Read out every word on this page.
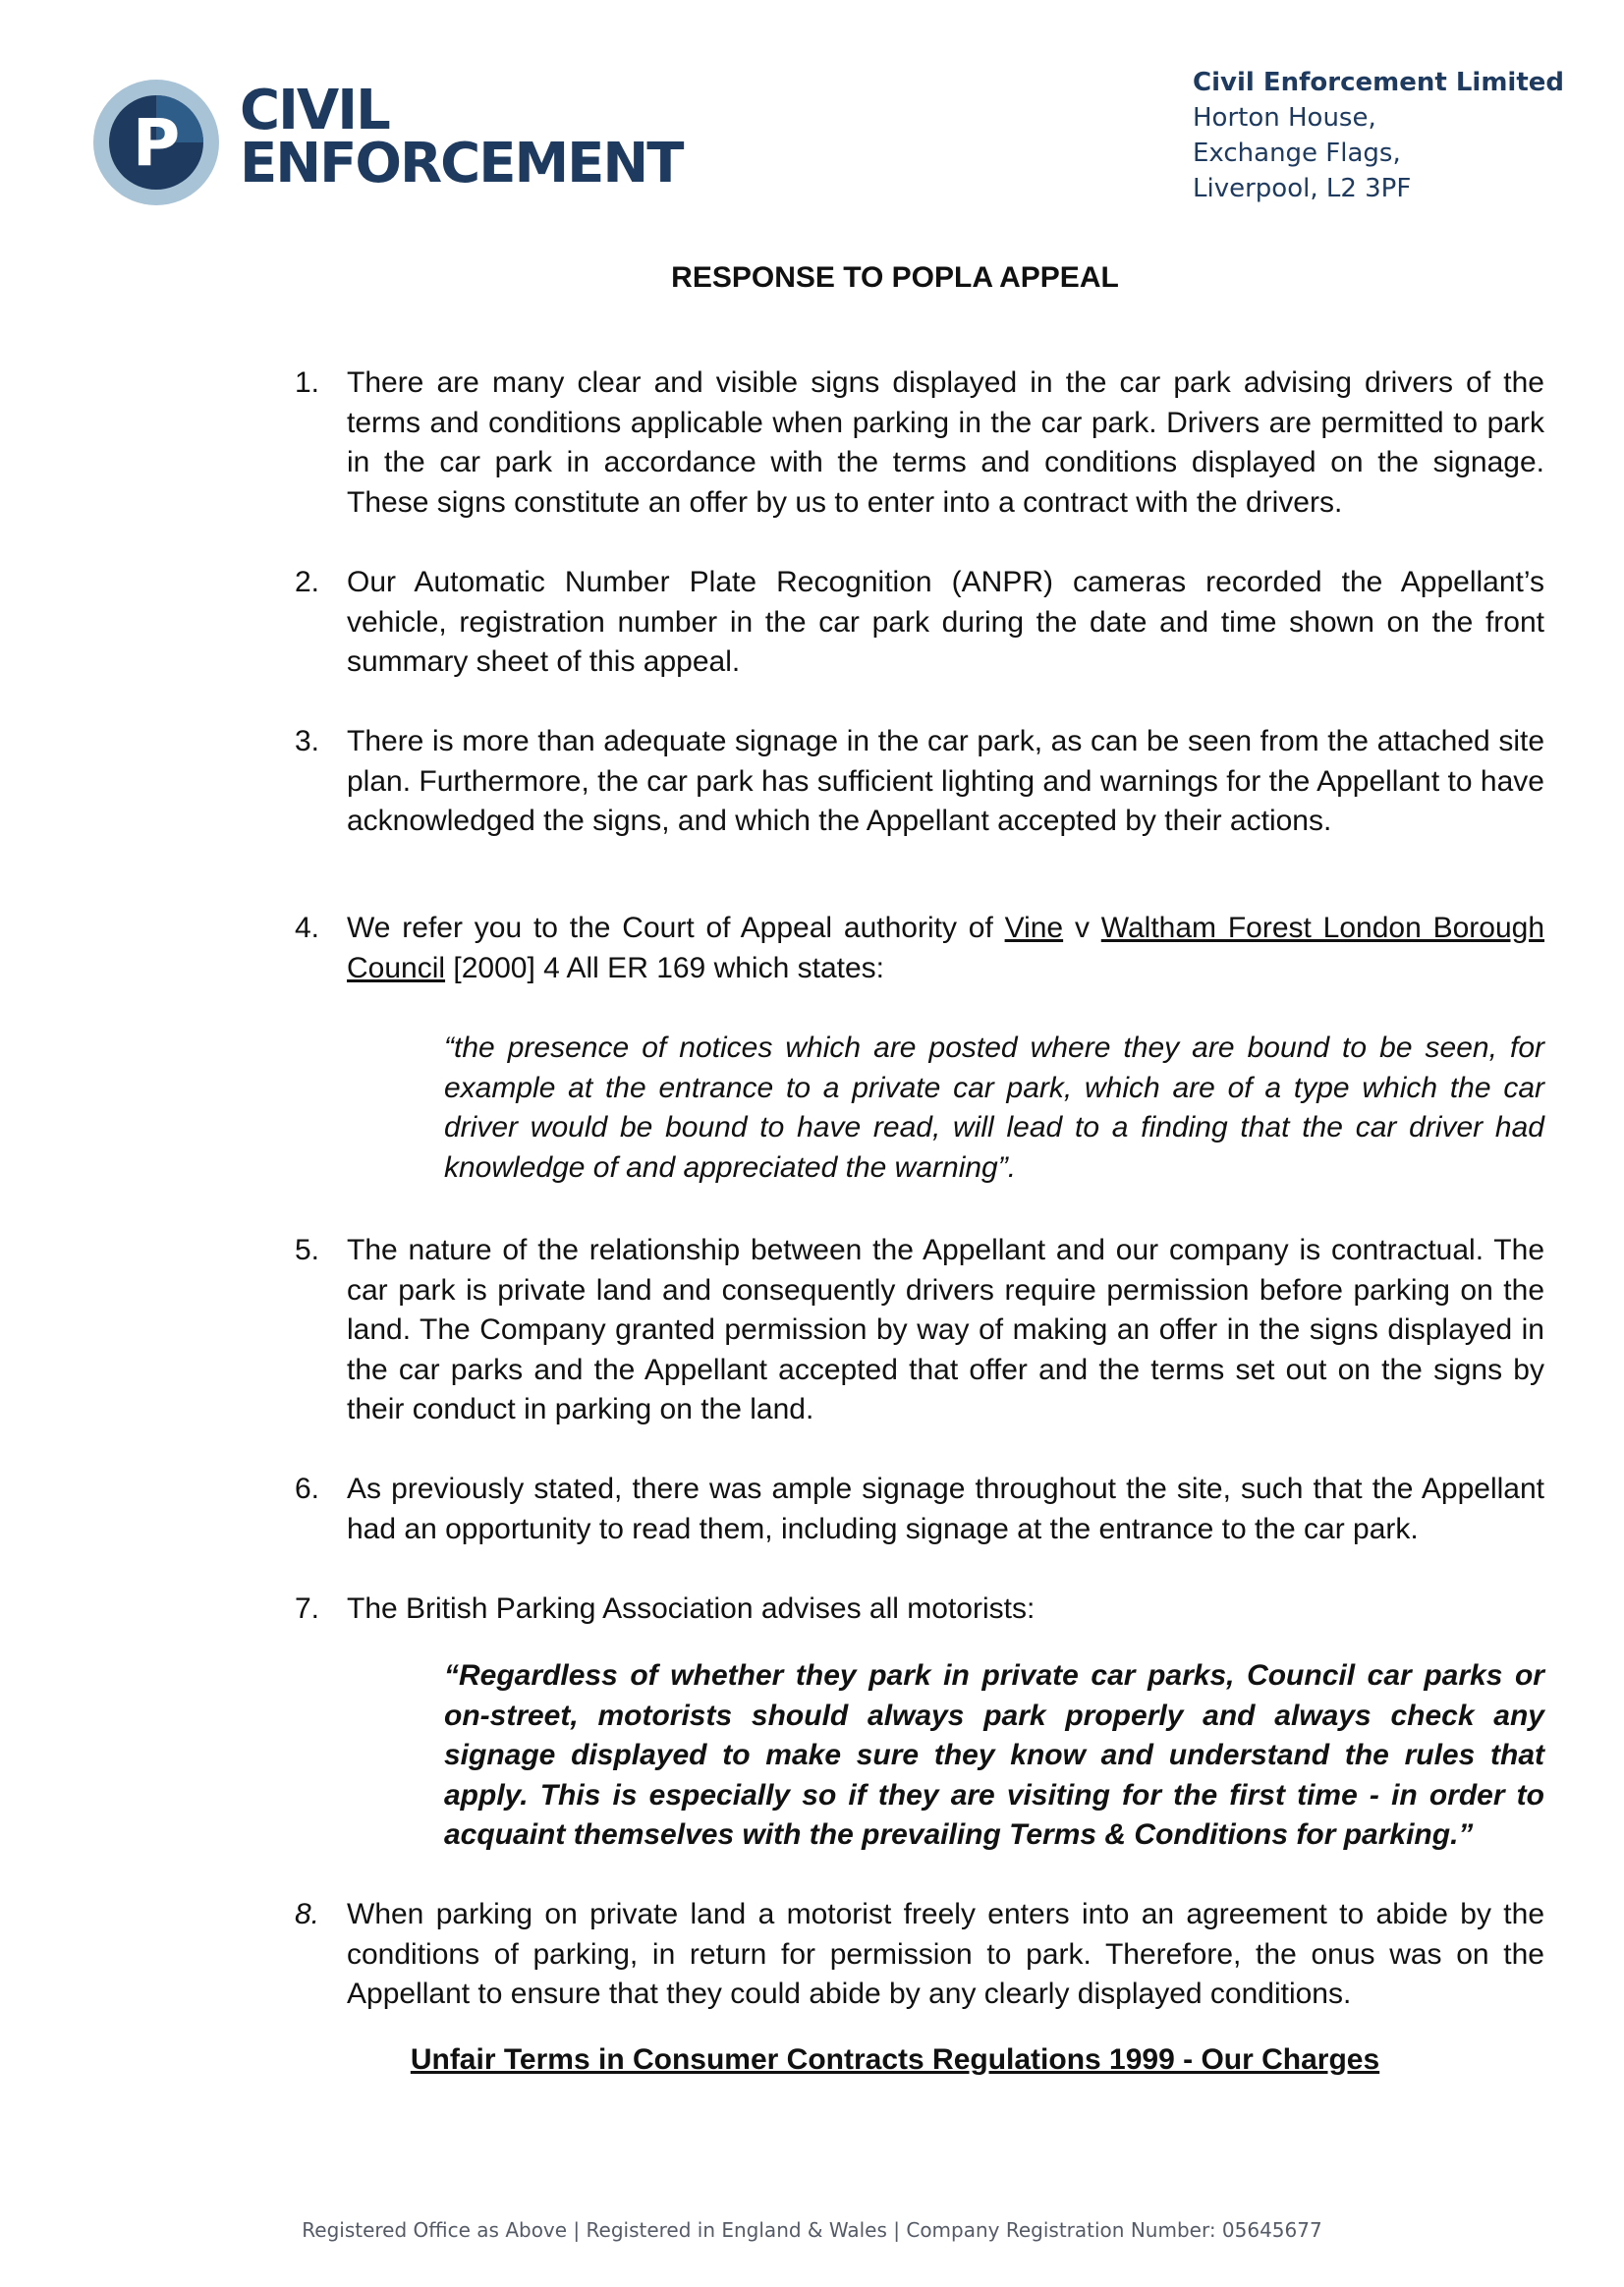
P CIVIL
ENFORCEMENT
Civil Enforcement Limited
Horton House,
Exchange Flags,
Liverpool, L2 3PF
RESPONSE TO POPLA APPEAL
1. There are many clear and visible signs displayed in the car park advising drivers of the terms and conditions applicable when parking in the car park. Drivers are permitted to park in the car park in accordance with the terms and conditions displayed on the signage. These signs constitute an offer by us to enter into a contract with the drivers.
2. Our Automatic Number Plate Recognition (ANPR) cameras recorded the Appellant’s vehicle, registration number in the car park during the date and time shown on the front summary sheet of this appeal.
3. There is more than adequate signage in the car park, as can be seen from the attached site plan. Furthermore, the car park has sufficient lighting and warnings for the Appellant to have acknowledged the signs, and which the Appellant accepted by their actions.
4. We refer you to the Court of Appeal authority of Vine v Waltham Forest London Borough Council [2000] 4 All ER 169 which states:
“the presence of notices which are posted where they are bound to be seen, for example at the entrance to a private car park, which are of a type which the car driver would be bound to have read, will lead to a finding that the car driver had knowledge of and appreciated the warning”.
5. The nature of the relationship between the Appellant and our company is contractual. The car park is private land and consequently drivers require permission before parking on the land. The Company granted permission by way of making an offer in the signs displayed in the car parks and the Appellant accepted that offer and the terms set out on the signs by their conduct in parking on the land.
6. As previously stated, there was ample signage throughout the site, such that the Appellant had an opportunity to read them, including signage at the entrance to the car park.
7. The British Parking Association advises all motorists:
“Regardless of whether they park in private car parks, Council car parks or on-street, motorists should always park properly and always check any signage displayed to make sure they know and understand the rules that apply. This is especially so if they are visiting for the first time - in order to acquaint themselves with the prevailing Terms & Conditions for parking.”
8. When parking on private land a motorist freely enters into an agreement to abide by the conditions of parking, in return for permission to park. Therefore, the onus was on the Appellant to ensure that they could abide by any clearly displayed conditions.
Unfair Terms in Consumer Contracts Regulations 1999 - Our Charges
Registered Office as Above | Registered in England & Wales | Company Registration Number: 05645677
